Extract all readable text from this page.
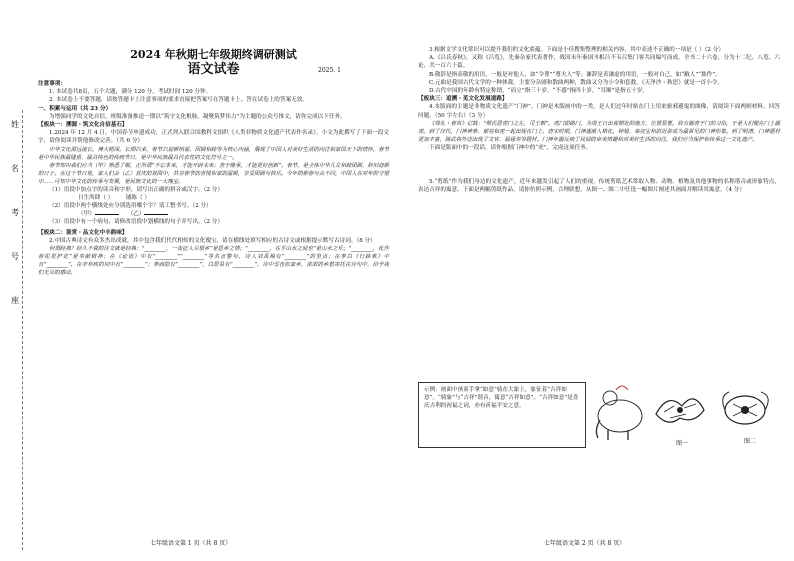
姓
名
考
号
座
2024 年秋期七年级期终调研测试
语文试卷

注意事项：

1. 本试卷共8页，五个大题，满分 120 分，考试时间 120 分钟。

2. 本试卷上不要答题，请按答题卡上注意事项的要求直接把答案写在答题卡上。答在试卷上的答案无效。

一、积累与运用（共 23 分）

为增强同学的文化自信，班级准备推送一期以“筑守文化根脉，凝聚筑梦伟力”为主题的公众号推文，请你完成以下任务。

【板块一：溯源・筑文化自信基石】

1.2024 年 12 月 4 日，中国春节申遗成功，正式列入联合国教科文组织《人类非物质文化遗产代表作名录》。小文为此撰写了下面一段文字，请你阅读并帮他修改完善。（共 6 分）

中华文化源远流长，博大精深。长期以来，春节以迎新纳福、团圆和睦等为核心内涵，展现了中国人对美好生活的向往和家国天下的情怀。春节是中华民族最隆重、最具特色的传统节日，是中华民族最具代表性的文化符号之一。

春节知识我们应当（甲）熟悉了解，正所谓“不忘本来，才能开辟未来；善于继承，才能更好创新”。春节，是全体中华儿女和睦团圆、辞旧迎新的日子。在这个节日里，家人们会（乙）喜庆的氛围中，共享春节的喜悦和家的温暖，享受团圆与快乐。今年的新春与众不同，中国人在对年的守望中……可知中华文化的传承与发展，是民族文化的一大瑰宝。

（1）语段中加点字的读音和字形，请写出正确的拼音或汉字。（2 分）

日生所肆（ ） 铺陈（ ）

（2）语段中两个横线处应分别选用哪个字？请工整书写。（2 分）

（甲）	（乙）

（3）语段中有一个病句，请修改语段中划横线的句子并写出。（2 分）

【板块二：鉴赏・品文化中丰韵味】

2.中国古典诗文有众多杰出成就，其中包含我们代代相传的文化瑰宝，请在横线处填写相应的古诗文或根据提示默写古诗词。（8 分）

何谓经典？经久不衰的诗文就是经典：“________，一夜征人尽望乡”是思乡之情；“________，在乎山水之间也”是山水之乐；“________，化作春泥更护花”是奉献精神；在《论语》中有“________”“________”等名言警句，诗人刘禹锡有“________”的坚贞；在李白《行路难》中有“________”，在辛弃疾的词中有“________”；李商隐有“________”，白居易有“________”，诗中雪也似家乡，浓浓的乡愁寄托在诗句中，给予我们无尽的感动。

2025. 1
七年级语文第 1 页（共 8 页）

3.根据文学文化常识可以提升我们的文化底蕴。下面是小佳搜集整理的相关内容，其中表述不正确的一项是（ ）（2 分）

A.《吕氏春秋》，又称《吕览》，先秦杂家代表著作，战国末年秦国丞相吕不韦召集门客共同编写而成。全书二十六卷，分为十二纪、八览、六论，共一百六十篇。

B.敬辞是指表敬的用语，一般是对他人，如“令尊”“尊夫人”等；谦辞是表谦虚的用语，一般对自己，如“敝人”“拙作”。

C.元曲是我国古代文学的一种体裁，主要分杂剧和散曲两种，散曲又分为小令和套数。《天净沙・秋思》就是一首小令。

D.古代中国的年龄有特定称谓，“而立”指三十岁，“不惑”指四十岁，“耳顺”是指五十岁。

【板块三：追溯・觅文化发展道路】

4.本版面的主题是非物质文化遗产“门神”。门神是木版画中的一类，是人们过年时贴在门上用来驱邪避鬼的图像，请阅读下面两则材料，回答问题。（50 字左右）（3 分）

《周礼・春官》记载：“师氏居虎门之左，司王朝”。虎门即路门，为周王日出视朝处的地方，位置显要。故有画虎于门的习俗，于是人们便在门上画虎。到了汉代，门神神荼、郁垒和虎一起出现在门上。唐宋时期，门神逐渐人格化，钟馗、秦叔宝和尉迟恭成为最常见的门神形象。到了明清，门神题材更加丰富，除武将外还出现了文官、福禄寿等题材。门神年画反映了民间的审美情趣和对美好生活的向往，我们应当保护和传承这一文化遗产。

下面是版面中的一段话，请你根据门神中的“虎”，完成这项任务。

5.“剪纸”作为我们身边的文化遗产，近年来越发引起了人们的重视，传统剪纸艺术常取人物、动物、植物及其他事物的名称谐音或形象特点，表达吉祥的寓意。下面是两幅剪纸作品，请你仿照示例，合理联想，从图一、图二中任选一幅图片阐述其画面并解读其寓意。（4 分）

示例：画面中孩童手拿“如意”骑在大象上，象征着“吉祥如意”。“骑象”与“吉祥”谐音，寓意“吉祥如意”。“吉祥如意”是喜庆吉利的祝福之词，亦有祈福平安之意。

图一	图二
七年级语文第 2 页（共 8 页）
